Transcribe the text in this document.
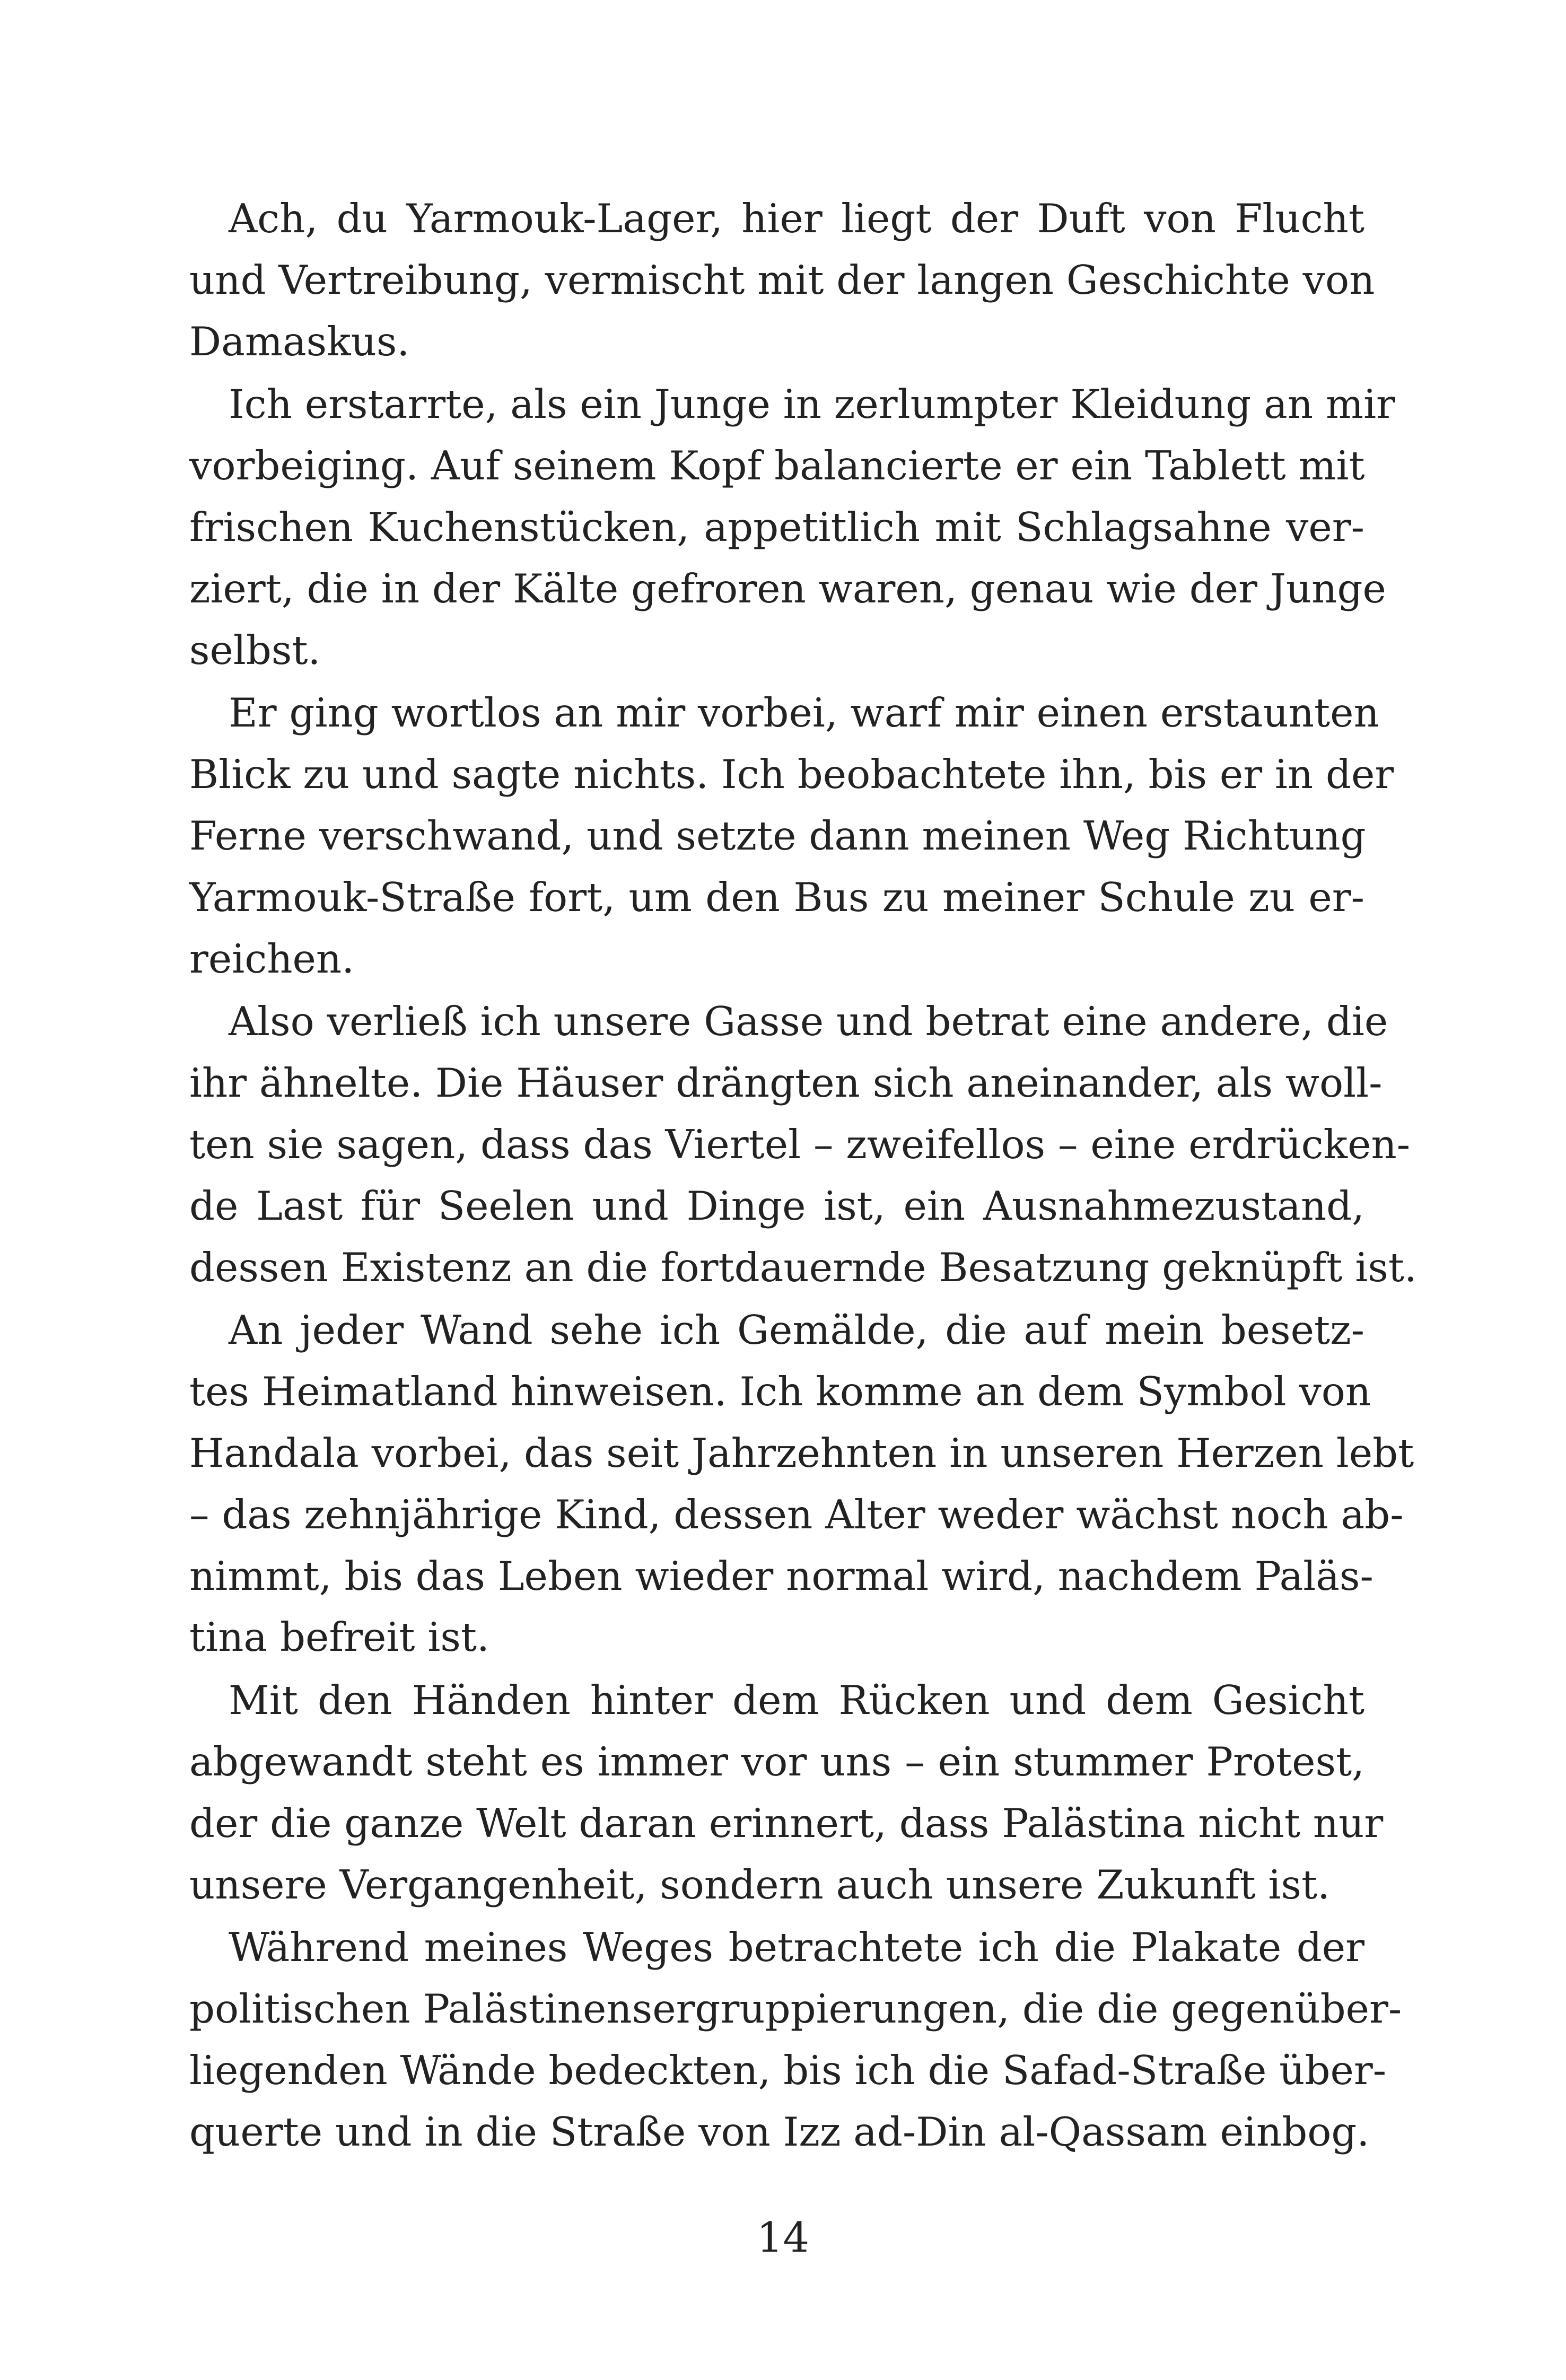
Ach, du Yarmouk-Lager, hier liegt der Duft von Flucht
und Vertreibung, vermischt mit der langen Geschichte von
Damaskus.
Ich erstarrte, als ein Junge in zerlumpter Kleidung an mir
vorbeiging. Auf seinem Kopf balancierte er ein Tablett mit
frischen Kuchenstücken, appetitlich mit Schlagsahne ver-
ziert, die in der Kälte gefroren waren, genau wie der Junge
selbst.
Er ging wortlos an mir vorbei, warf mir einen erstaunten
Blick zu und sagte nichts. Ich beobachtete ihn, bis er in der
Ferne verschwand, und setzte dann meinen Weg Richtung
Yarmouk-Straße fort, um den Bus zu meiner Schule zu er-
reichen.
Also verließ ich unsere Gasse und betrat eine andere, die
ihr ähnelte. Die Häuser drängten sich aneinander, als woll-
ten sie sagen, dass das Viertel – zweifellos – eine erdrücken-
de Last für Seelen und Dinge ist, ein Ausnahmezustand,
dessen Existenz an die fortdauernde Besatzung geknüpft ist.
An jeder Wand sehe ich Gemälde, die auf mein besetz-
tes Heimatland hinweisen. Ich komme an dem Symbol von
Handala vorbei, das seit Jahrzehnten in unseren Herzen lebt
– das zehnjährige Kind, dessen Alter weder wächst noch ab-
nimmt, bis das Leben wieder normal wird, nachdem Paläs-
tina befreit ist.
Mit den Händen hinter dem Rücken und dem Gesicht
abgewandt steht es immer vor uns – ein stummer Protest,
der die ganze Welt daran erinnert, dass Palästina nicht nur
unsere Vergangenheit, sondern auch unsere Zukunft ist.
Während meines Weges betrachtete ich die Plakate der
politischen Palästinensergruppierungen, die die gegenüber-
liegenden Wände bedeckten, bis ich die Safad-Straße über-
querte und in die Straße von Izz ad-Din al-Qassam einbog.
14
